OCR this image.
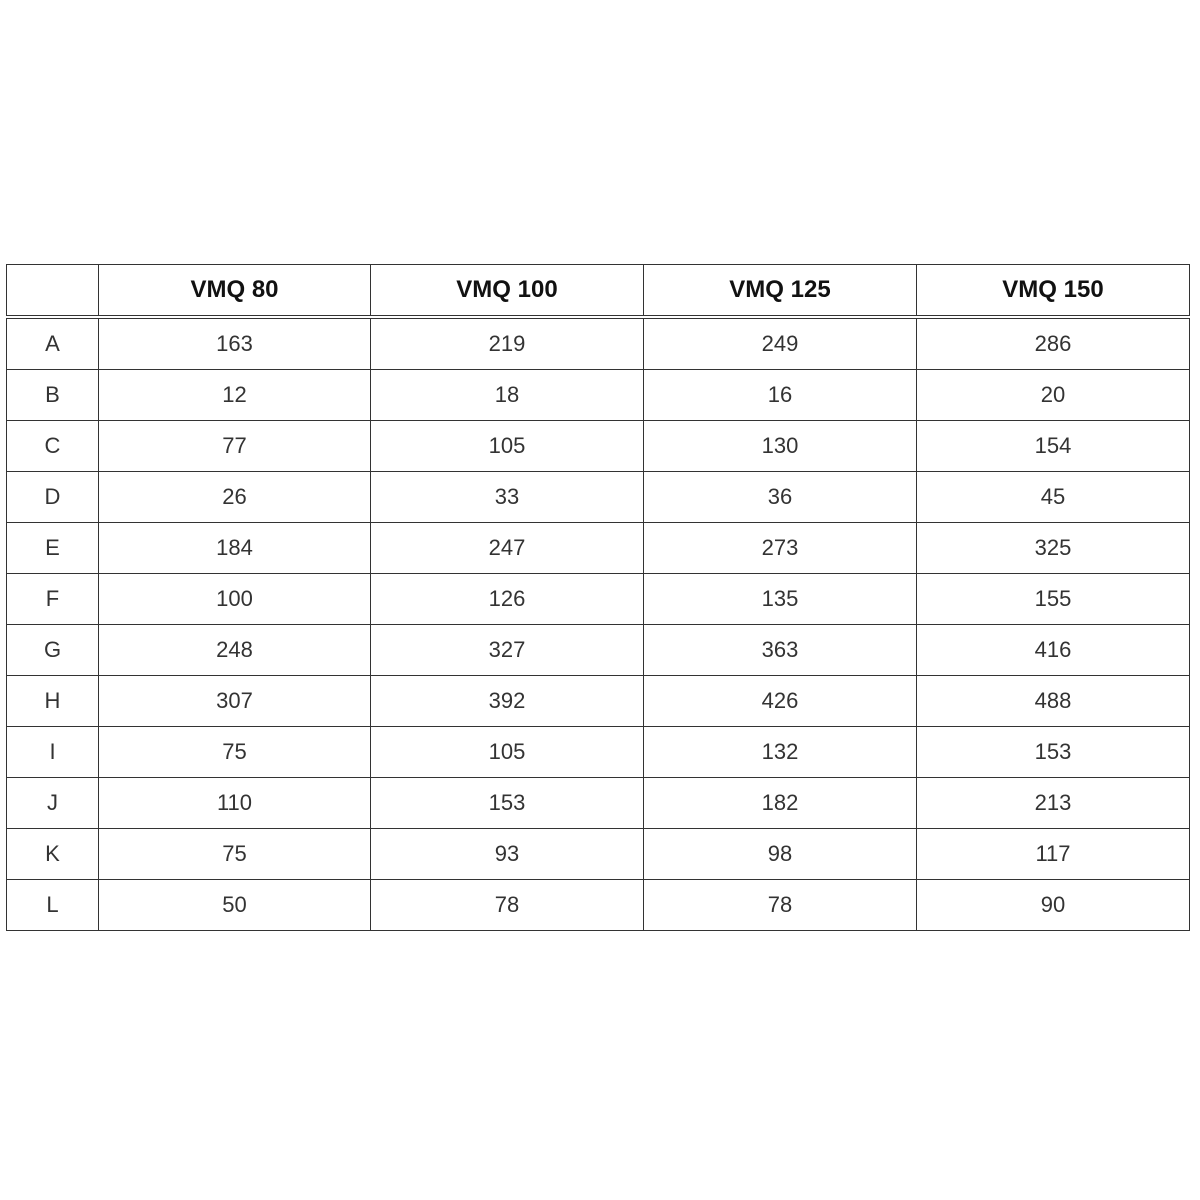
	VMQ 80	VMQ 100	VMQ 125	VMQ 150
A	163	219	249	286
B	12	18	16	20
C	77	105	130	154
D	26	33	36	45
E	184	247	273	325
F	100	126	135	155
G	248	327	363	416
H	307	392	426	488
I	75	105	132	153
J	110	153	182	213
K	75	93	98	117
L	50	78	78	90
